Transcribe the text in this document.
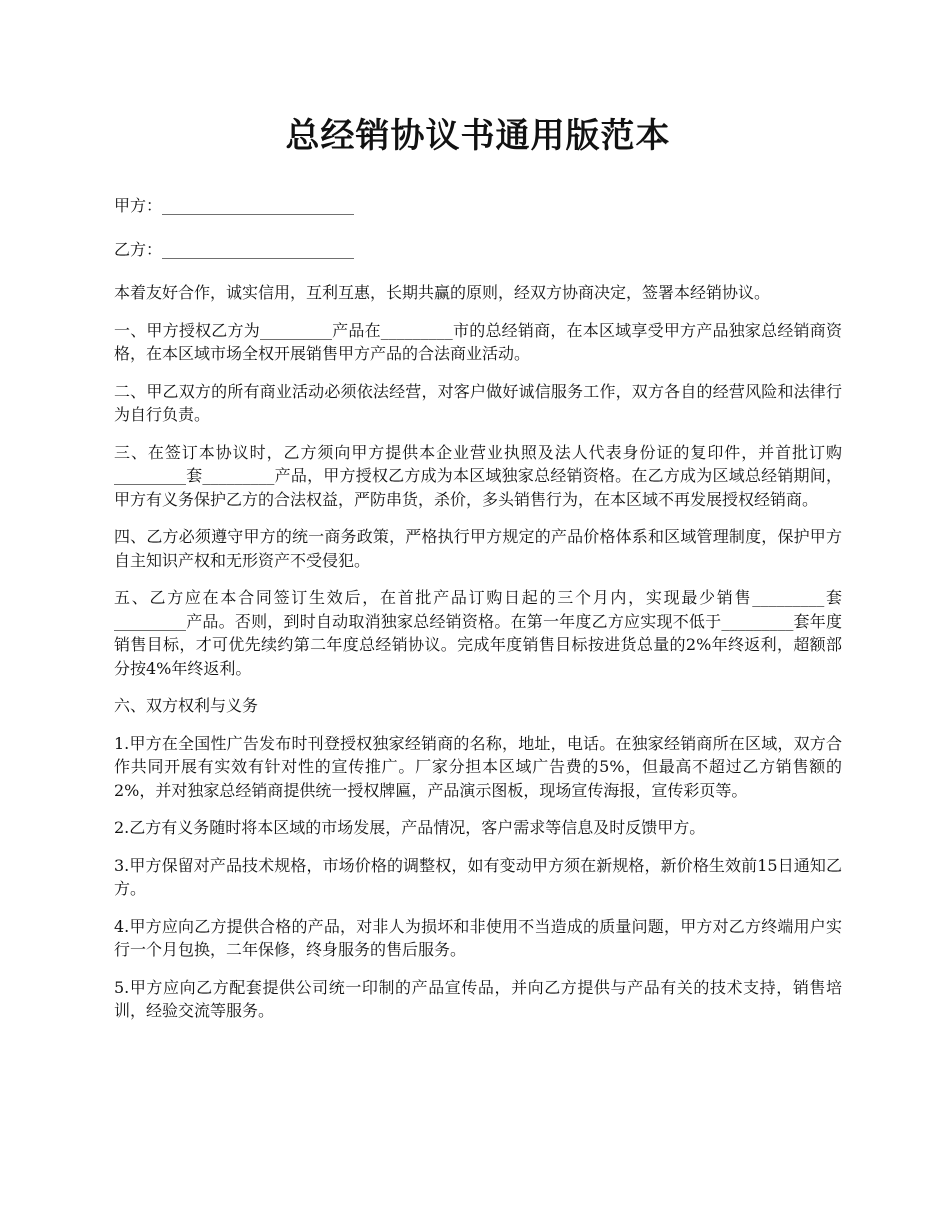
总经销协议书通用版范本

甲方：________________________

乙方：________________________

本着友好合作，诚实信用，互利互惠，长期共赢的原则，经双方协商决定，签署本经销协议。

一、甲方授权乙方为_________产品在_________市的总经销商，在本区域享受甲方产品独家总经销商资格，在本区域市场全权开展销售甲方产品的合法商业活动。

二、甲乙双方的所有商业活动必须依法经营，对客户做好诚信服务工作，双方各自的经营风险和法律行为自行负责。

三、在签订本协议时，乙方须向甲方提供本企业营业执照及法人代表身份证的复印件，并首批订购_________套_________产品，甲方授权乙方成为本区域独家总经销资格。在乙方成为区域总经销期间，甲方有义务保护乙方的合法权益，严防串货，杀价，多头销售行为，在本区域不再发展授权经销商。

四、乙方必须遵守甲方的统一商务政策，严格执行甲方规定的产品价格体系和区域管理制度，保护甲方自主知识产权和无形资产不受侵犯。

五、乙方应在本合同签订生效后，在首批产品订购日起的三个月内，实现最少销售_________套_________产品。否则，到时自动取消独家总经销资格。在第一年度乙方应实现不低于_________套年度销售目标，才可优先续约第二年度总经销协议。完成年度销售目标按进货总量的2%年终返利，超额部分按4%年终返利。

六、双方权利与义务

1.甲方在全国性广告发布时刊登授权独家经销商的名称，地址，电话。在独家经销商所在区域，双方合作共同开展有实效有针对性的宣传推广。厂家分担本区域广告费的5%，但最高不超过乙方销售额的2%，并对独家总经销商提供统一授权牌匾，产品演示图板，现场宣传海报，宣传彩页等。

2.乙方有义务随时将本区域的市场发展，产品情况，客户需求等信息及时反馈甲方。

3.甲方保留对产品技术规格，市场价格的调整权，如有变动甲方须在新规格，新价格生效前15日通知乙方。

4.甲方应向乙方提供合格的产品，对非人为损坏和非使用不当造成的质量问题，甲方对乙方终端用户实行一个月包换，二年保修，终身服务的售后服务。

5.甲方应向乙方配套提供公司统一印制的产品宣传品，并向乙方提供与产品有关的技术支持，销售培训，经验交流等服务。
